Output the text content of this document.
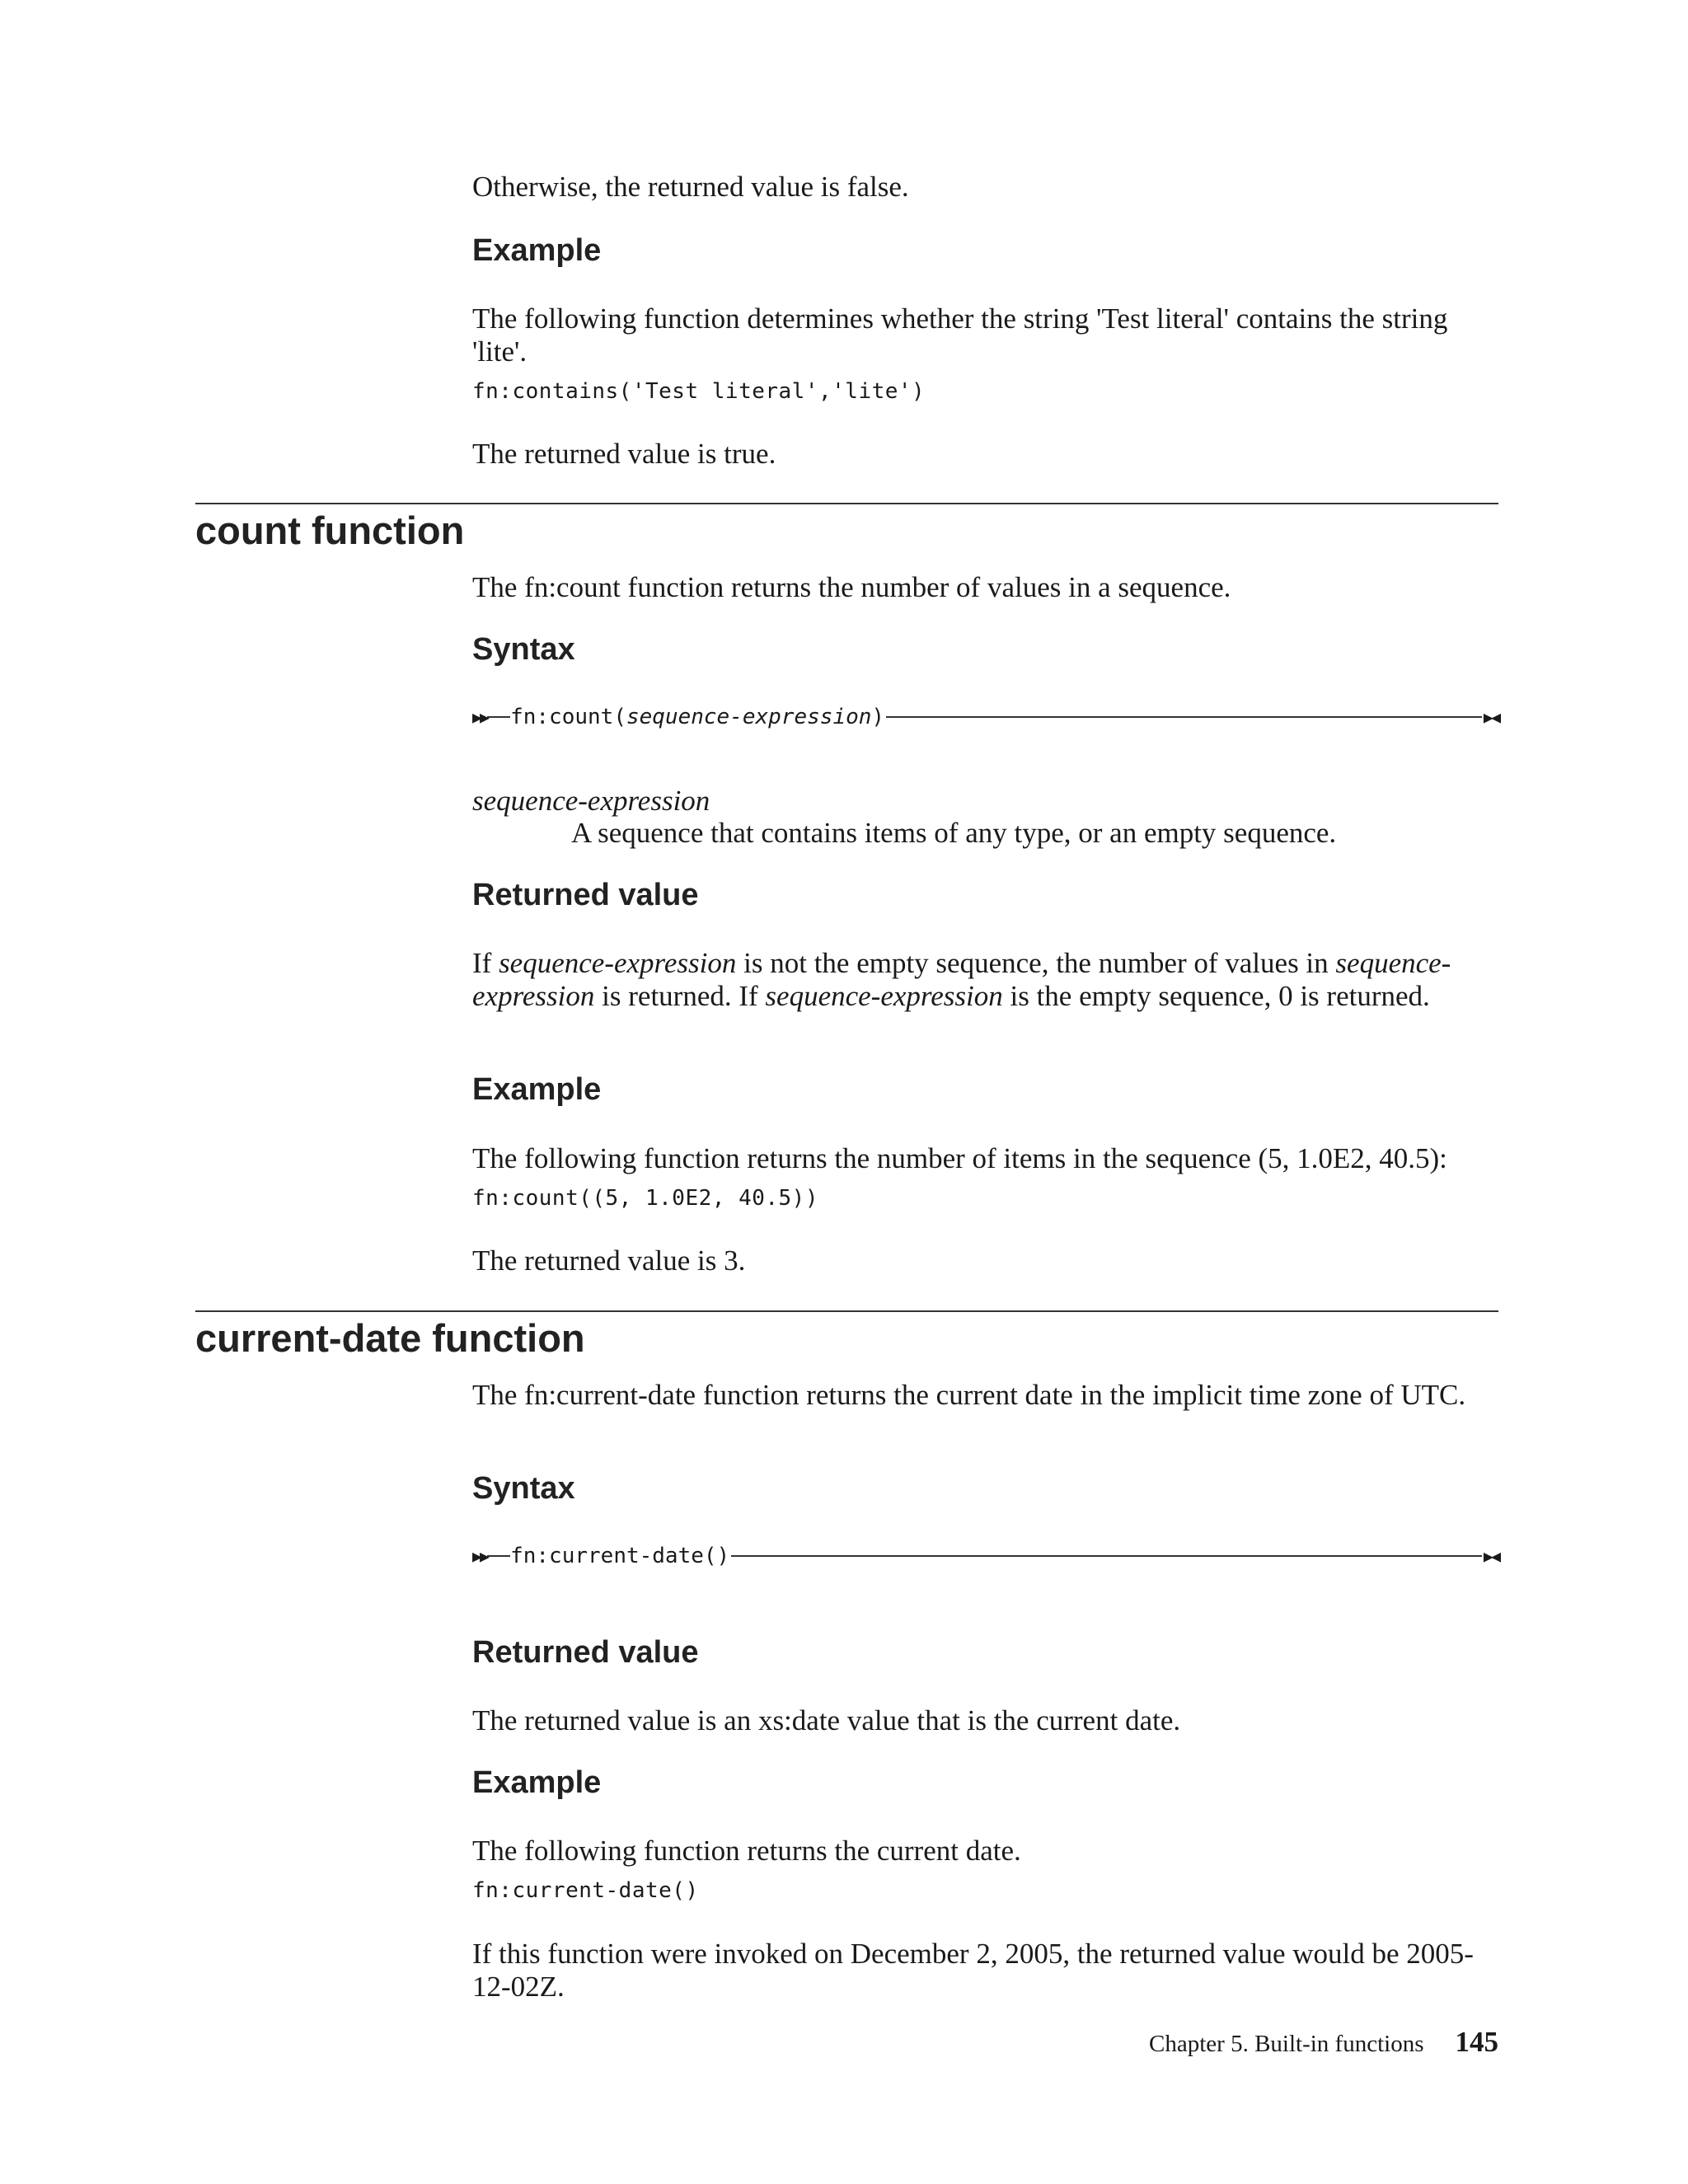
Otherwise, the returned value is false.
Example
The following function determines whether the string 'Test literal' contains the string 'lite'.
fn:contains('Test literal','lite')
The returned value is true.
count function
The fn:count function returns the number of values in a sequence.
Syntax
▶▶ fn:count(sequence-expression)	▶◀
sequence-expression
A sequence that contains items of any type, or an empty sequence.
Returned value
If sequence-expression is not the empty sequence, the number of values in sequence-expression is returned. If sequence-expression is the empty sequence, 0 is returned.
Example
The following function returns the number of items in the sequence (5, 1.0E2, 40.5):
fn:count((5, 1.0E2, 40.5))
The returned value is 3.
current-date function
The fn:current-date function returns the current date in the implicit time zone of UTC.
Syntax
▶▶ fn:current-date()	▶◀
Returned value
The returned value is an xs:date value that is the current date.
Example
The following function returns the current date.
fn:current-date()
If this function were invoked on December 2, 2005, the returned value would be 2005-12-02Z.
Chapter 5. Built-in functions 145
